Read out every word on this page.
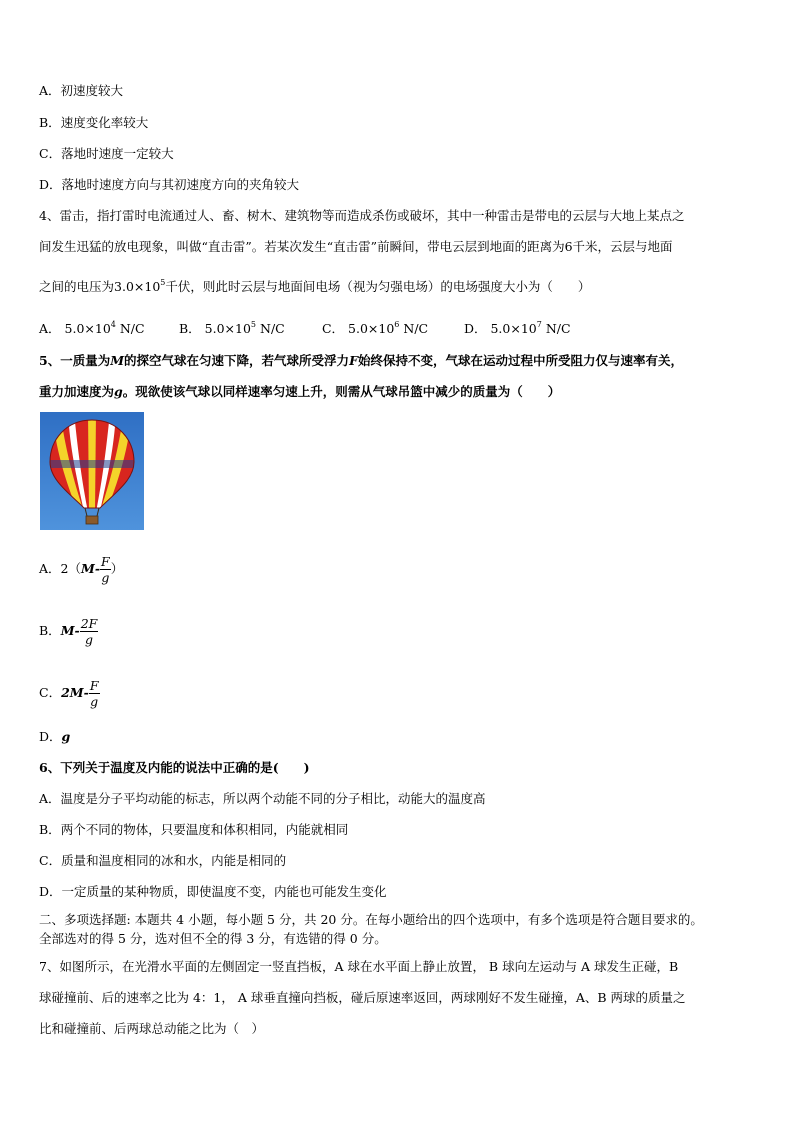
A．初速度较大
B．速度变化率较大
C．落地时速度一定较大
D．落地时速度方向与其初速度方向的夹角较大
4、雷击，指打雷时电流通过人、畜、树木、建筑物等而造成杀伤或破坏，其中一种雷击是带电的云层与大地上某点之
间发生迅猛的放电现象，叫做“直击雷”。若某次发生“直击雷”前瞬间，带电云层到地面的距离为6千米，云层与地面
之间的电压为$3.0\times 10^5$千伏，则此时云层与地面间电场（视为匀强电场）的电场强度大小为（　　）
A． $5.0\times 10^4$ N/C	B． $5.0\times 10^5$ N/C	C． $5.0\times 10^6$ N/C	D． $5.0\times 10^7$ N/C
5、一质量为M的探空气球在匀速下降，若气球所受浮力F始终保持不变，气球在运动过程中所受阻力仅与速率有关，
重力加速度为g。现欲使该气球以同样速率匀速上升，则需从气球吊篮中减少的质量为（　　）
A．$2(M- \frac{F}{g}$ ）
B．$M- \frac{2F}{g}$
C．$2M- \frac{F}{g}$
D．g
6、下列关于温度及内能的说法中正确的是(　　)
A．温度是分子平均动能的标志，所以两个动能不同的分子相比，动能大的温度高
B．两个不同的物体，只要温度和体积相同，内能就相同
C．质量和温度相同的冰和水，内能是相同的
D．一定质量的某种物质，即使温度不变，内能也可能发生变化
二、多项选择题: 本题共 4 小题，每小题 5 分，共 20 分。在每小题给出的四个选项中，有多个选项是符合题目要求的。
全部选对的得 5 分，选对但不全的得 3 分，有选错的得 0 分。
7、如图所示，在光滑水平面的左侧固定一竖直挡板，A 球在水平面上静止放置， B 球向左运动与 A 球发生正碰，B
球碰撞前、后的速率之比为 4：1， A 球垂直撞向挡板，碰后原速率返回，两球刚好不发生碰撞，A、B 两球的质量之
比和碰撞前、后两球总动能之比为（　）
